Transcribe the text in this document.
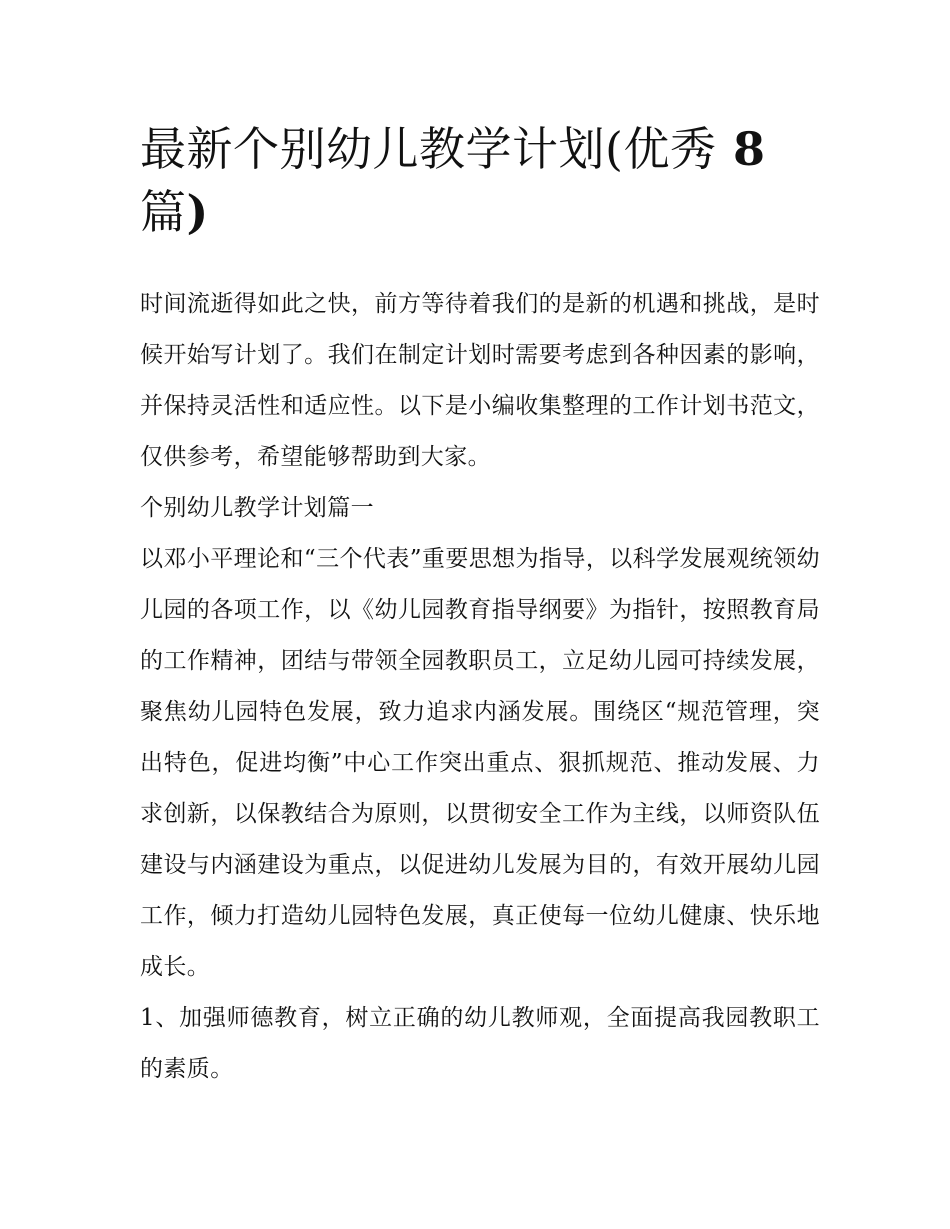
最新个别幼儿教学计划(优秀 8 篇)

时间流逝得如此之快，前方等待着我们的是新的机遇和挑战，是时候开始写计划了。我们在制定计划时需要考虑到各种因素的影响，并保持灵活性和适应性。以下是小编收集整理的工作计划书范文，仅供参考，希望能够帮助到大家。

个别幼儿教学计划篇一

以邓小平理论和“三个代表”重要思想为指导，以科学发展观统领幼儿园的各项工作，以《幼儿园教育指导纲要》为指针，按照教育局的工作精神，团结与带领全园教职员工，立足幼儿园可持续发展，聚焦幼儿园特色发展，致力追求内涵发展。围绕区“规范管理，突出特色，促进均衡”中心工作突出重点、狠抓规范、推动发展、力求创新，以保教结合为原则，以贯彻安全工作为主线，以师资队伍建设与内涵建设为重点，以促进幼儿发展为目的，有效开展幼儿园工作，倾力打造幼儿园特色发展，真正使每一位幼儿健康、快乐地成长。

1、加强师德教育，树立正确的幼儿教师观，全面提高我园教职工的素质。
